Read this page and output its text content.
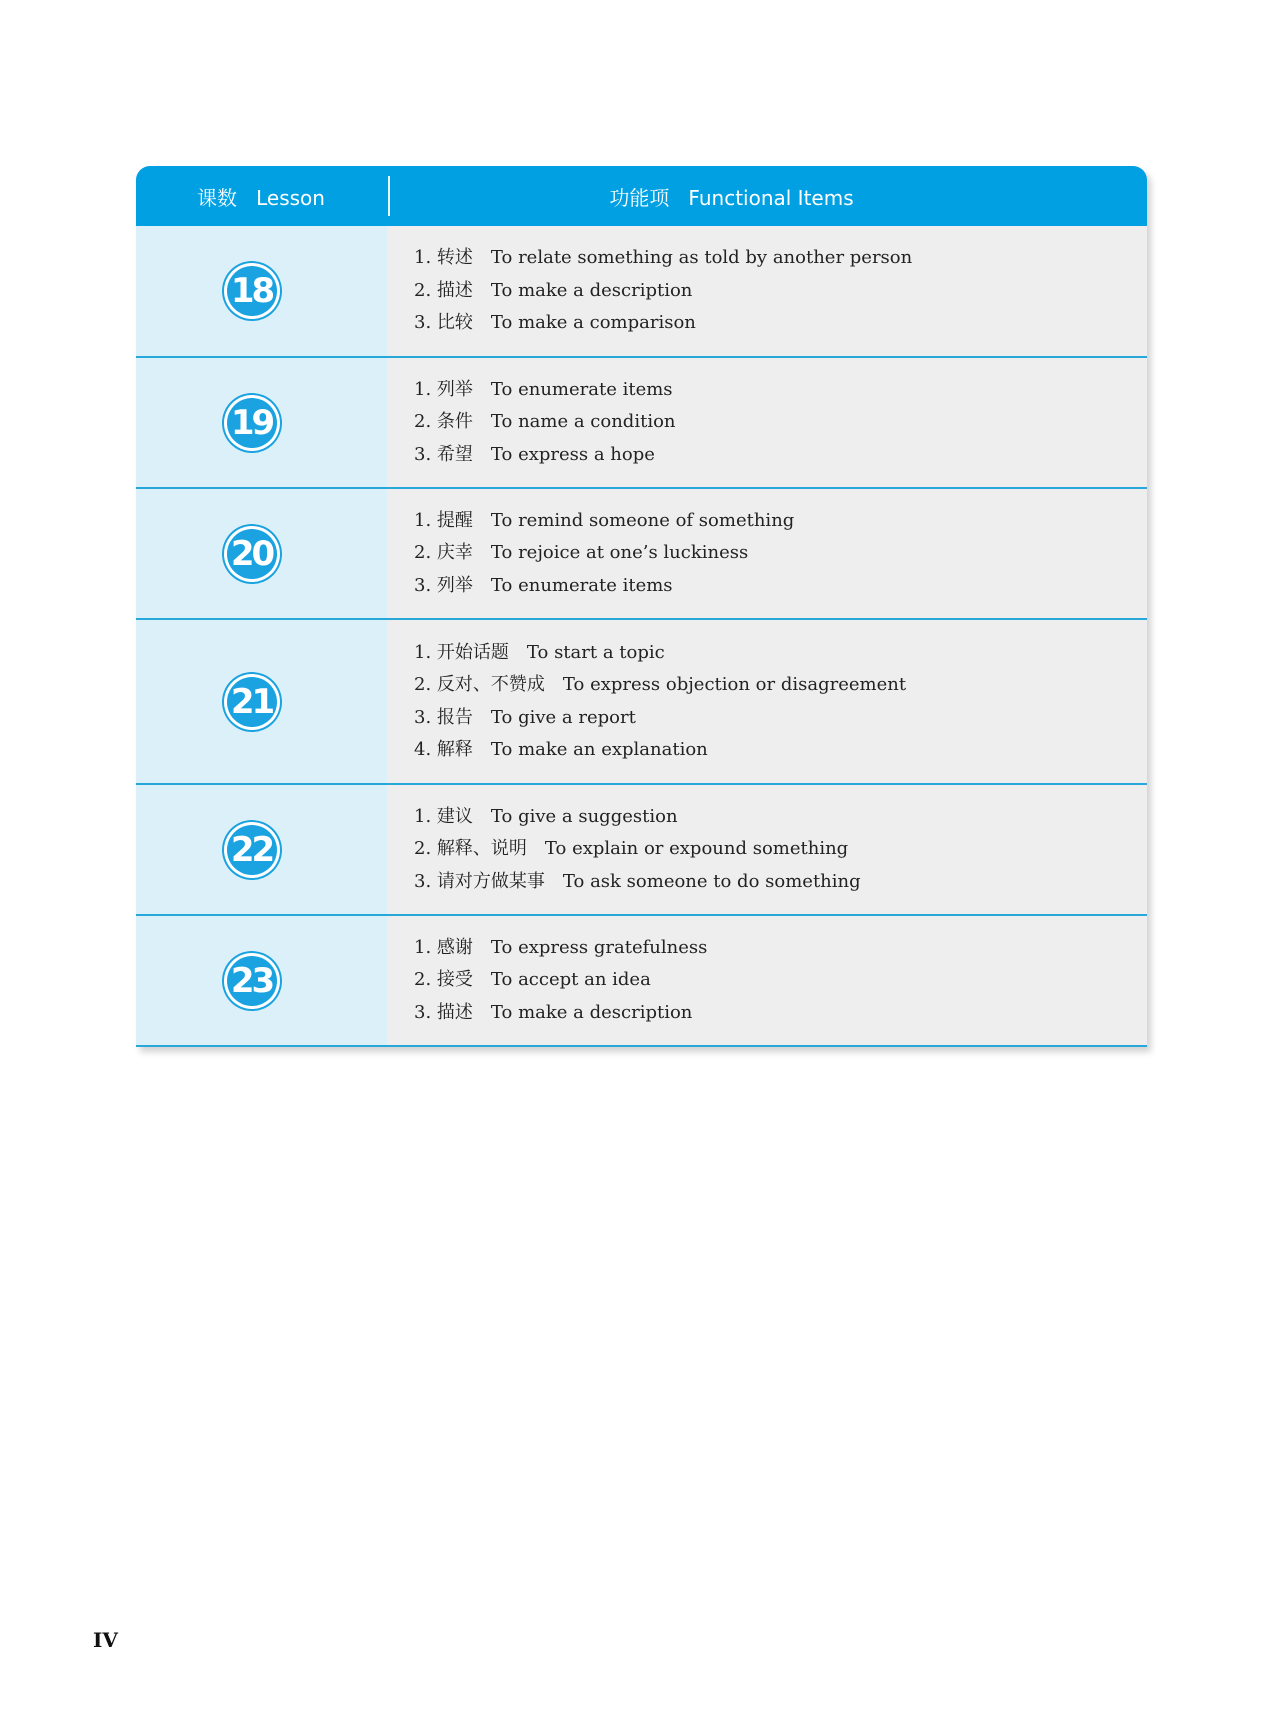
课数   Lesson	功能项   Functional Items
18
1. 转述 To relate something as told by another person
2. 描述 To make a description
3. 比较 To make a comparison
19
1. 列举 To enumerate items
2. 条件 To name a condition
3. 希望 To express a hope
20
1. 提醒 To remind someone of something
2. 庆幸 To rejoice at one’s luckiness
3. 列举 To enumerate items
21
1. 开始话题 To start a topic
2. 反对、不赞成 To express objection or disagreement
3. 报告 To give a report
4. 解释 To make an explanation
22
1. 建议 To give a suggestion
2. 解释、说明 To explain or expound something
3. 请对方做某事 To ask someone to do something
23
1. 感谢 To express gratefulness
2. 接受 To accept an idea
3. 描述 To make a description
IV
